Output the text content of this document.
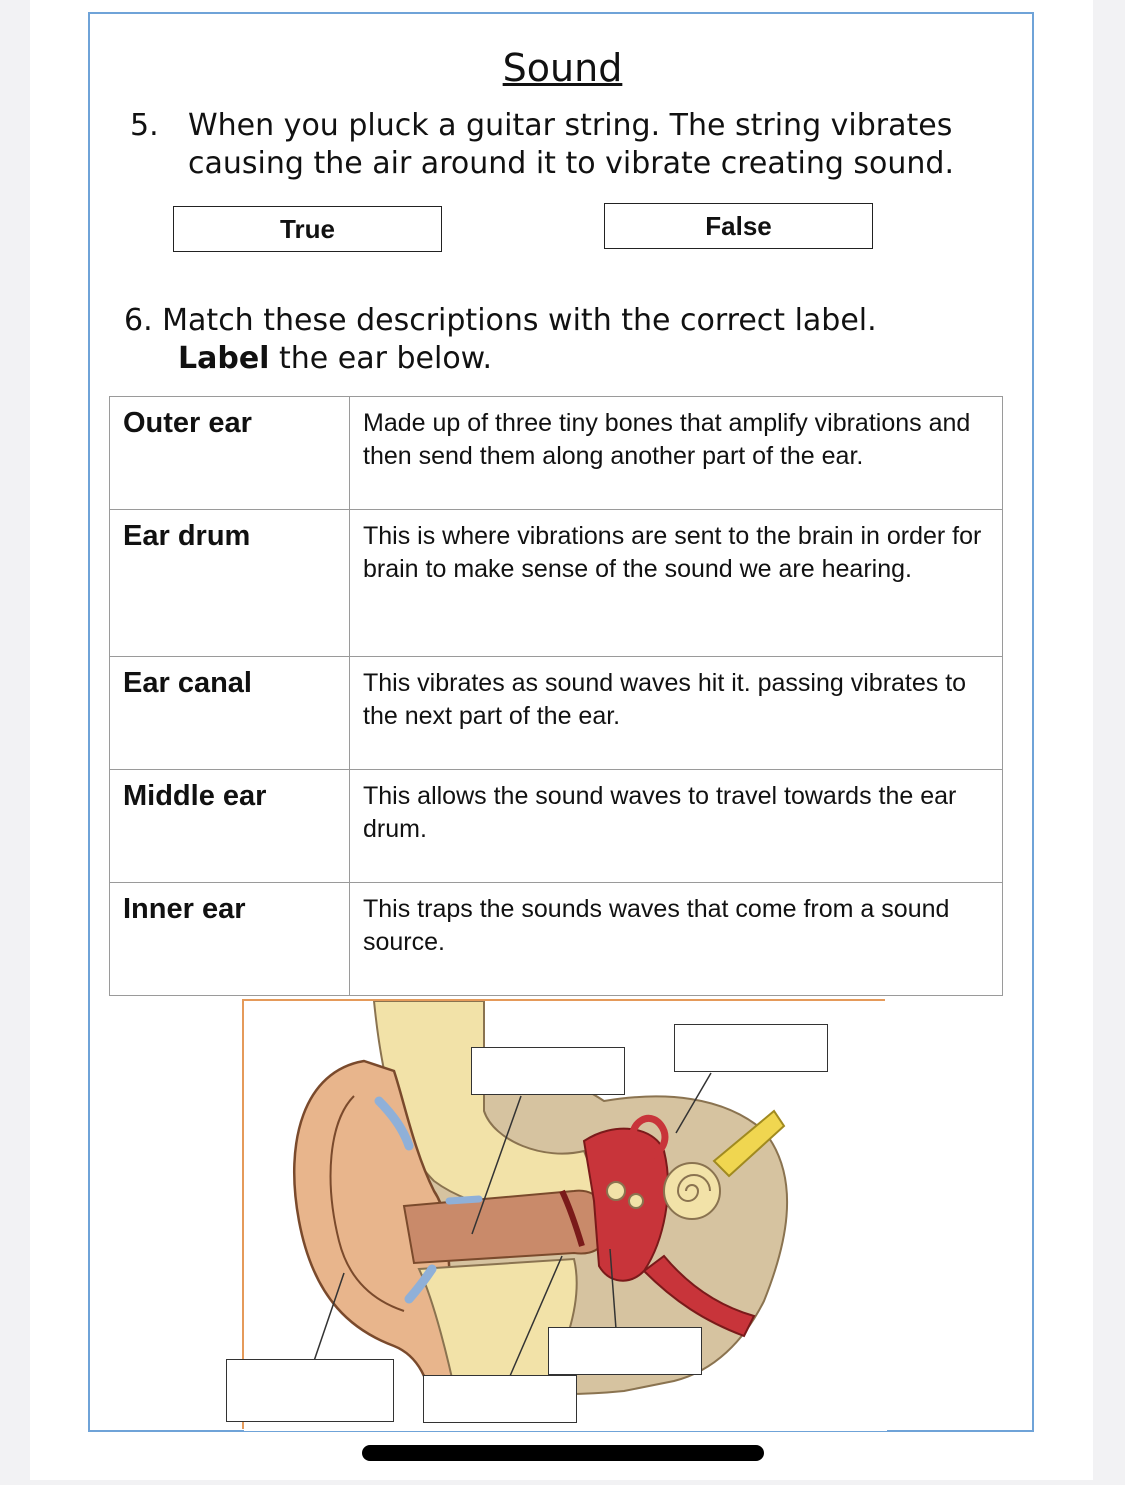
Sound
5. When you pluck a guitar string. The string vibrates causing the air around it to vibrate creating sound.
True	False
6. Match these descriptions with the correct label.
Label the ear below.
Outer ear	Made up of three tiny bones that amplify vibrations and then send them along another part of the ear.
Ear drum	This is where vibrations are sent to the brain in order for brain to make sense of the sound we are hearing.
Ear canal	This vibrates as sound waves hit it. passing vibrates to the next part of the ear.
Middle ear	This allows the sound waves to travel towards the ear drum.
Inner ear	This traps the sounds waves that come from a sound source.
